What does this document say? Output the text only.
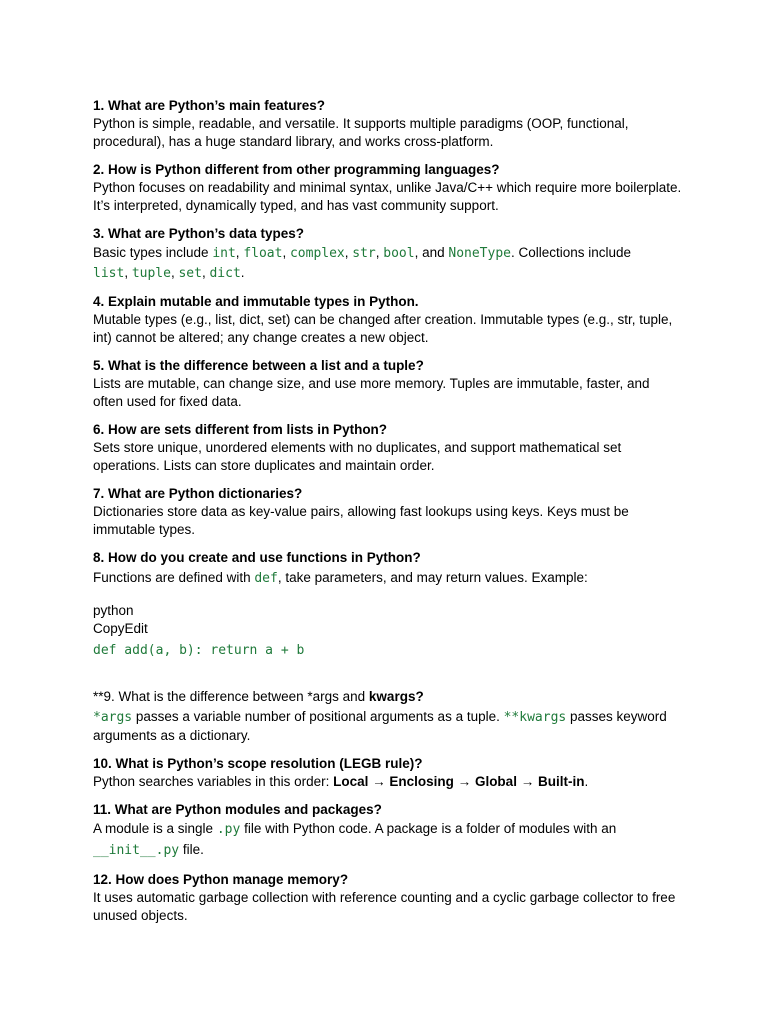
1. What are Python’s main features?
Python is simple, readable, and versatile. It supports multiple paradigms (OOP, functional, procedural), has a huge standard library, and works cross-platform.
2. How is Python different from other programming languages?
Python focuses on readability and minimal syntax, unlike Java/C++ which require more boilerplate. It’s interpreted, dynamically typed, and has vast community support.
3. What are Python’s data types?
Basic types include int, float, complex, str, bool, and NoneType. Collections include
list, tuple, set, dict.
4. Explain mutable and immutable types in Python.
Mutable types (e.g., list, dict, set) can be changed after creation. Immutable types (e.g., str, tuple, int) cannot be altered; any change creates a new object.
5. What is the difference between a list and a tuple?
Lists are mutable, can change size, and use more memory. Tuples are immutable, faster, and often used for fixed data.
6. How are sets different from lists in Python?
Sets store unique, unordered elements with no duplicates, and support mathematical set operations. Lists can store duplicates and maintain order.
7. What are Python dictionaries?
Dictionaries store data as key-value pairs, allowing fast lookups using keys. Keys must be immutable types.
8. How do you create and use functions in Python?
Functions are defined with def, take parameters, and may return values. Example:
python
CopyEdit
def add(a, b): return a + b
**9. What is the difference between *args and kwargs?
*args passes a variable number of positional arguments as a tuple. **kwargs passes keyword arguments as a dictionary.
10. What is Python’s scope resolution (LEGB rule)?
Python searches variables in this order: Local → Enclosing → Global → Built-in.
11. What are Python modules and packages?
A module is a single .py file with Python code. A package is a folder of modules with an
__init__.py file.
12. How does Python manage memory?
It uses automatic garbage collection with reference counting and a cyclic garbage collector to free unused objects.
